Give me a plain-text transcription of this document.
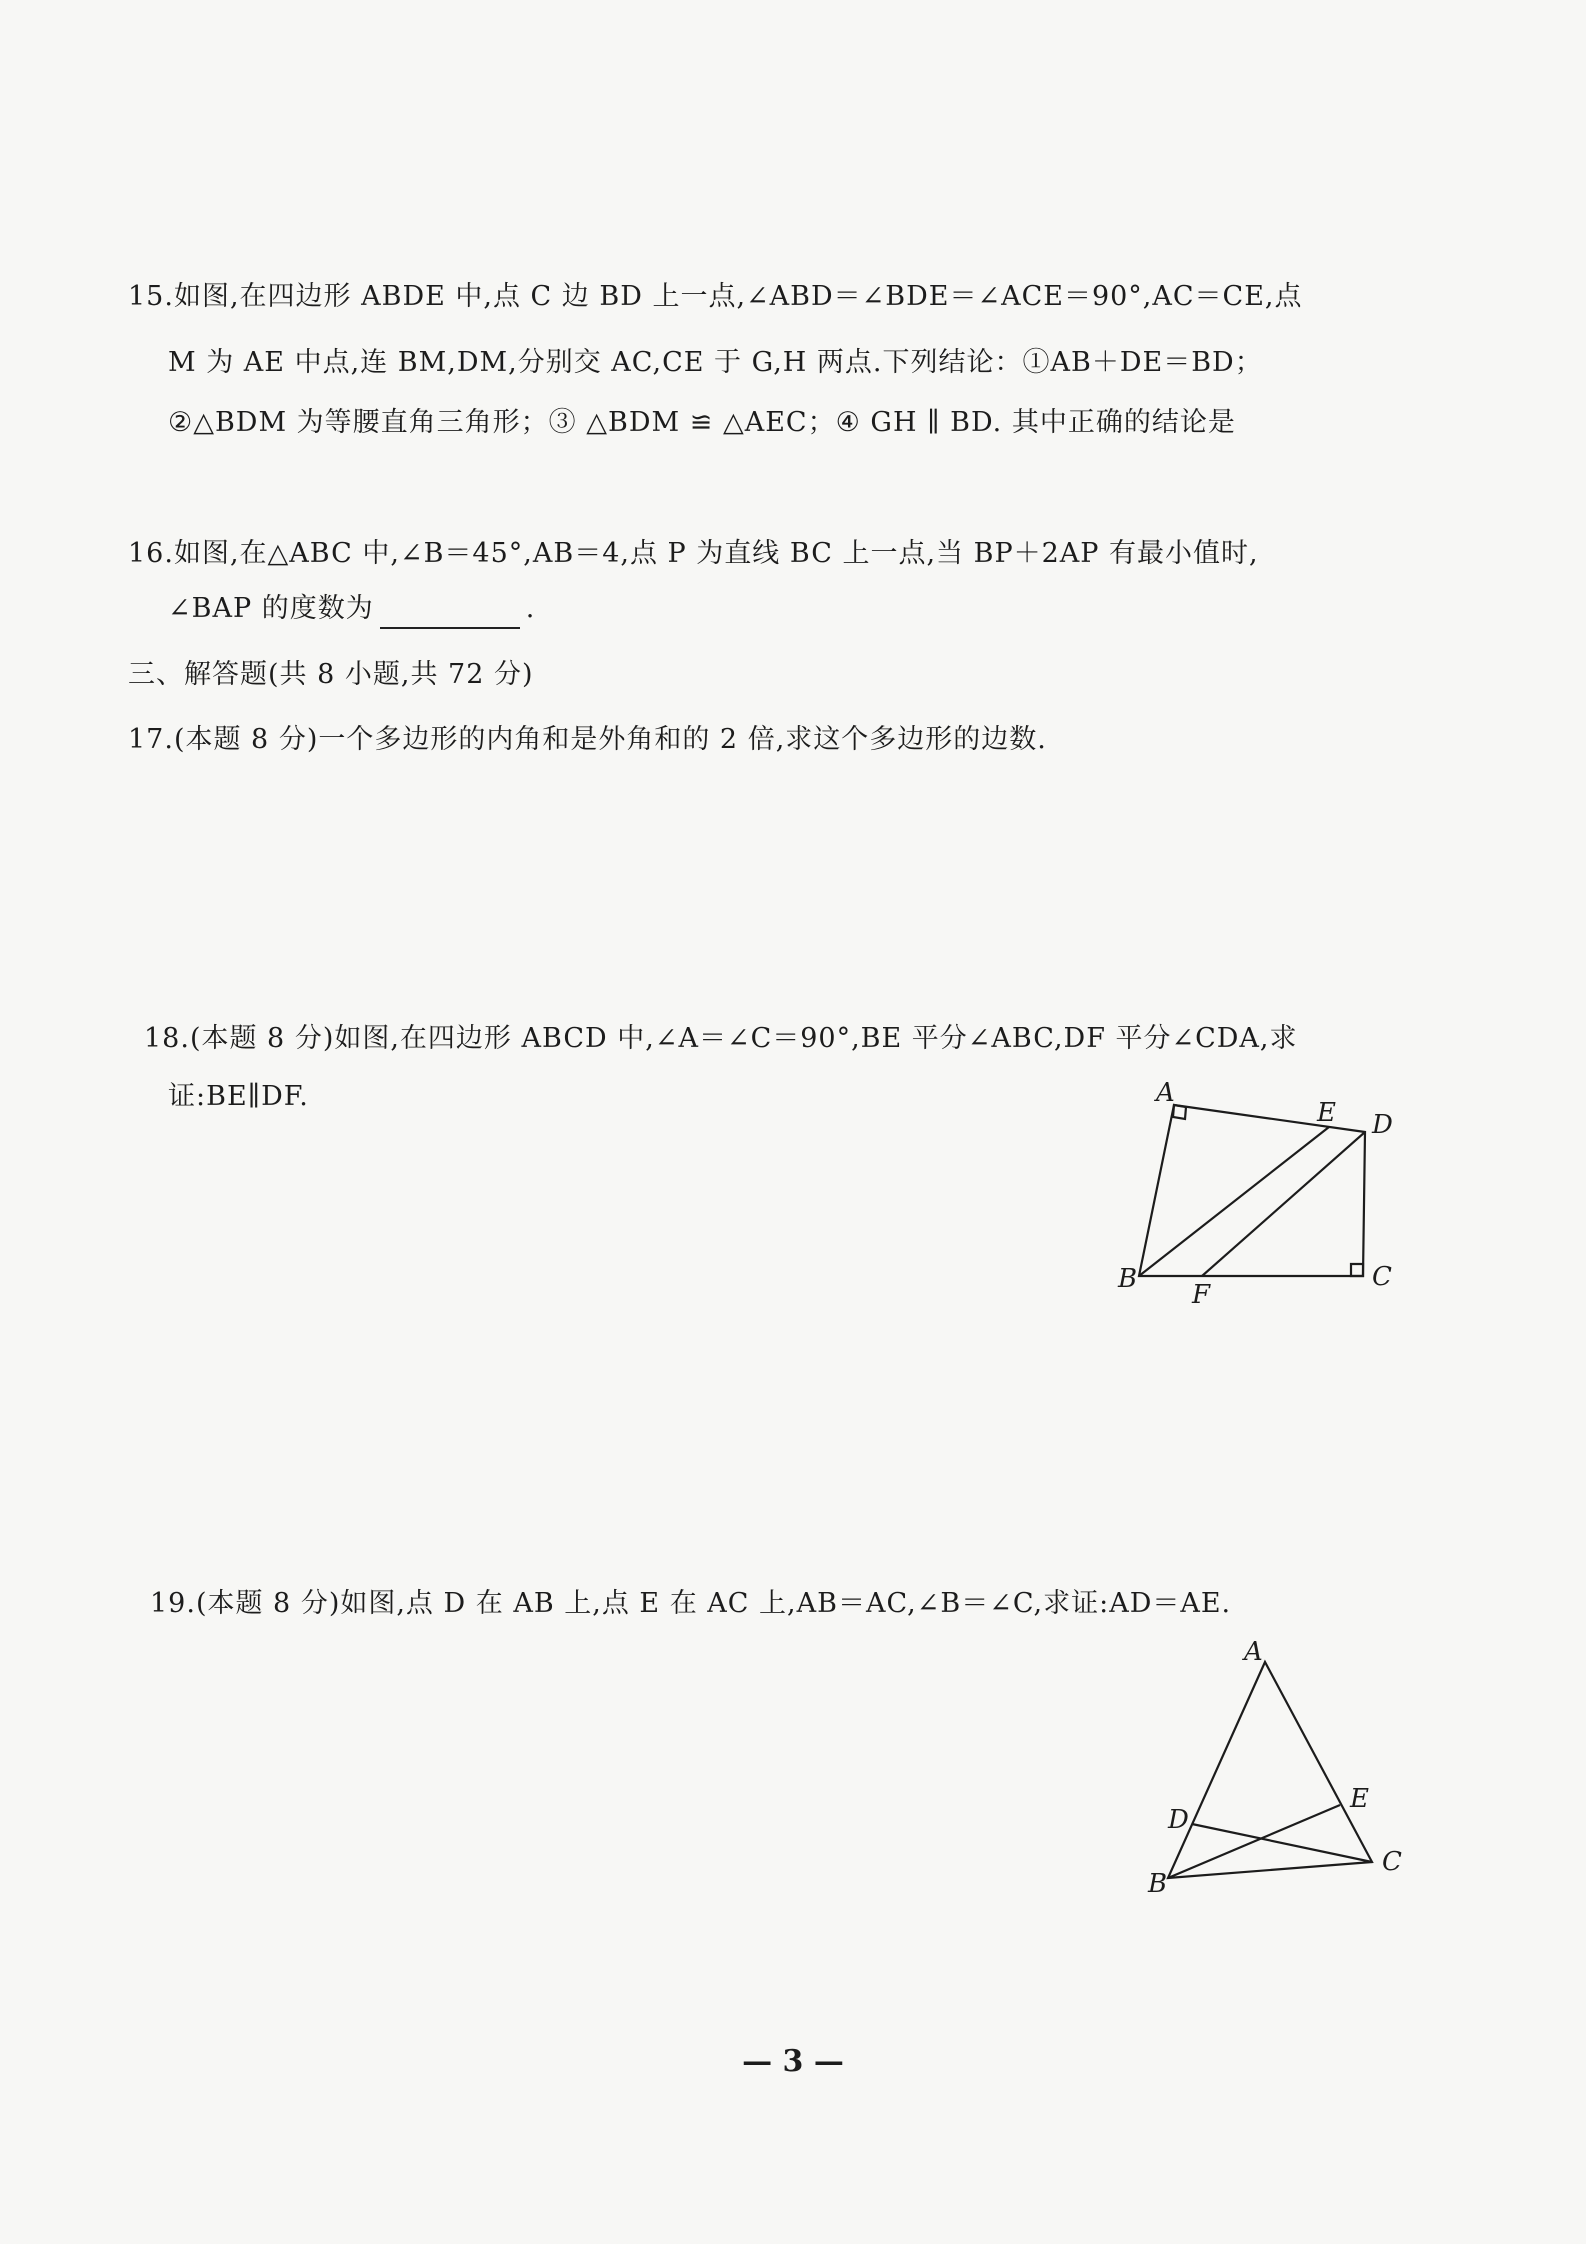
15.如图,在四边形 ABDE 中,点 C 边 BD 上一点,∠ABD＝∠BDE＝∠ACE＝90°,AC＝CE,点
M 为 AE 中点,连 BM,DM,分别交 AC,CE 于 G,H 两点.下列结论：①AB＋DE＝BD；
②△BDM 为等腰直角三角形；③ △BDM ≌ △AEC；④ GH ∥ BD. 其中正确的结论是
16.如图,在△ABC 中,∠B＝45°,AB＝4,点 P 为直线 BC 上一点,当 BP＋2AP 有最小值时,
∠BAP 的度数为	.
三、解答题(共 8 小题,共 72 分)
17.(本题 8 分)一个多边形的内角和是外角和的 2 倍,求这个多边形的边数.
18.(本题 8 分)如图,在四边形 ABCD 中,∠A＝∠C＝90°,BE 平分∠ABC,DF 平分∠CDA,求
证:BE∥DF.	A
E D
B
F
C
19.(本题 8 分)如图,点 D 在 AB 上,点 E 在 AC 上,AB＝AC,∠B＝∠C,求证:AD＝AE.
A
D
E
B
C
— 3 —
